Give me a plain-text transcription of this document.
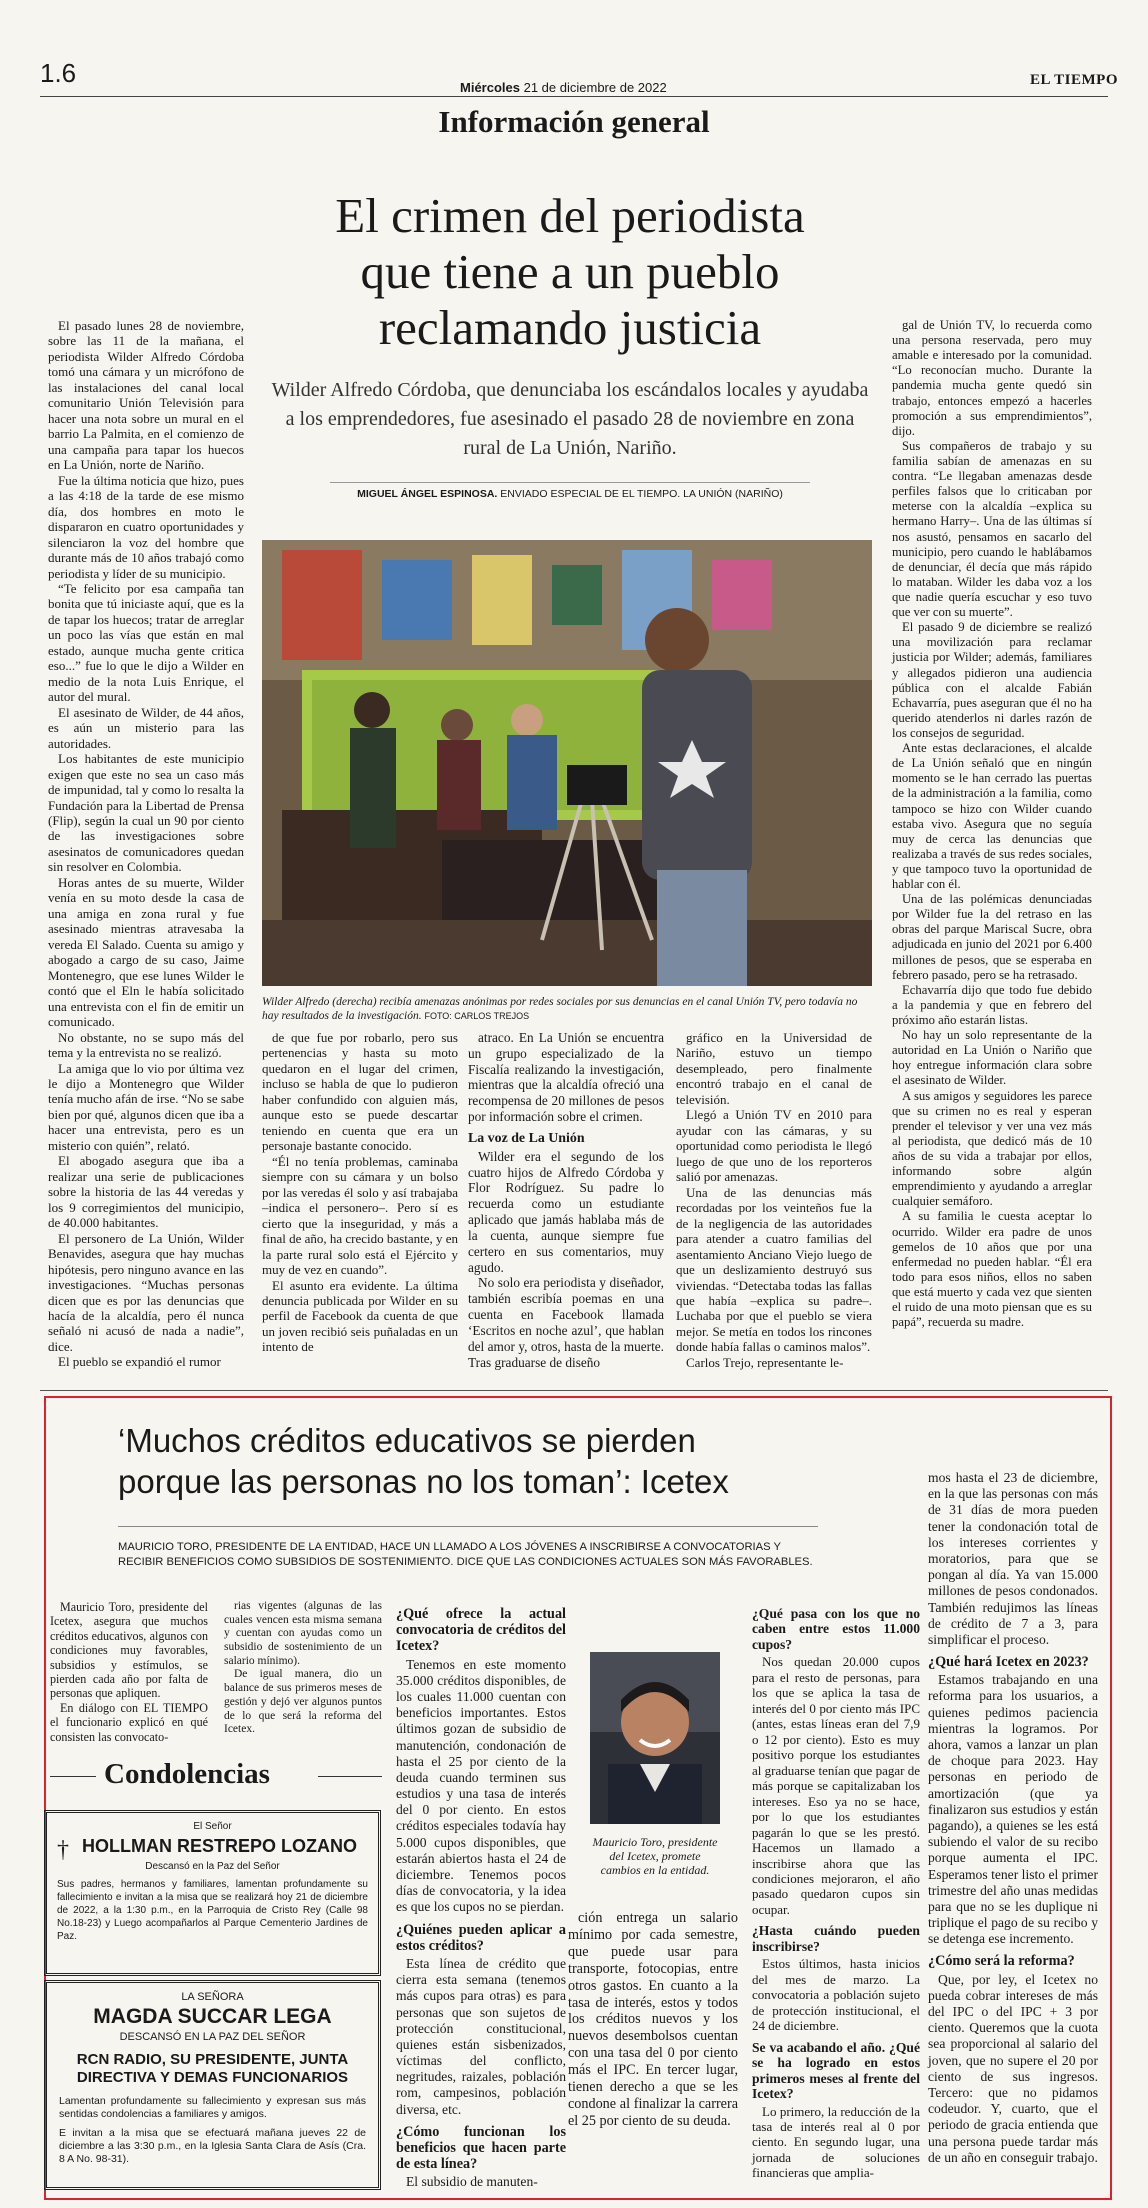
1.6	Miércoles 21 de diciembre de 2022	EL TIEMPO
Información general
El crimen del periodista
que tiene a un pueblo
reclamando justicia
Wilder Alfredo Córdoba, que denunciaba los escándalos locales y ayudaba a los emprendedores, fue asesinado el pasado 28 de noviembre en zona rural de La Unión, Nariño.
MIGUEL ÁNGEL ESPINOSA. ENVIADO ESPECIAL DE EL TIEMPO. LA UNIÓN (NARIÑO)
Wilder Alfredo (derecha) recibía amenazas anónimas por redes sociales por sus denuncias en el canal Unión TV, pero todavía no hay resultados de la investigación. FOTO: CARLOS TREJOS

El pasado lunes 28 de noviembre, sobre las 11 de la mañana, el periodista Wilder Alfredo Córdoba tomó una cámara y un micrófono de las instalaciones del canal local comunitario Unión Televisión para hacer una nota sobre un mural en el barrio La Palmita, en el comienzo de una campaña para tapar los huecos en La Unión, norte de Nariño.

Fue la última noticia que hizo, pues a las 4:18 de la tarde de ese mismo día, dos hombres en moto le dispararon en cuatro oportunidades y silenciaron la voz del hombre que durante más de 10 años trabajó como periodista y líder de su municipio.

“Te felicito por esa campaña tan bonita que tú iniciaste aquí, que es la de tapar los huecos; tratar de arreglar un poco las vías que están en mal estado, aunque mucha gente critica eso...” fue lo que le dijo a Wilder en medio de la nota Luis Enrique, el autor del mural.

El asesinato de Wilder, de 44 años, es aún un misterio para las autoridades.

Los habitantes de este municipio exigen que este no sea un caso más de impunidad, tal y como lo resalta la Fundación para la Libertad de Prensa (Flip), según la cual un 90 por ciento de las investigaciones sobre asesinatos de comunicadores quedan sin resolver en Colombia.

Horas antes de su muerte, Wilder venía en su moto desde la casa de una amiga en zona rural y fue asesinado mientras atravesaba la vereda El Salado. Cuenta su amigo y abogado a cargo de su caso, Jaime Montenegro, que ese lunes Wilder le contó que el Eln le había solicitado una entrevista con el fin de emitir un comunicado.

No obstante, no se supo más del tema y la entrevista no se realizó.

La amiga que lo vio por última vez le dijo a Montenegro que Wilder tenía mucho afán de irse. “No se sabe bien por qué, algunos dicen que iba a hacer una entrevista, pero es un misterio con quién”, relató.

El abogado asegura que iba a realizar una serie de publicaciones sobre la historia de las 44 veredas y los 9 corregimientos del municipio, de 40.000 habitantes.

El personero de La Unión, Wilder Benavides, asegura que hay muchas hipótesis, pero ninguno avance en las investigaciones. “Muchas personas dicen que es por las denuncias que hacía de la alcaldía, pero él nunca señaló ni acusó de nada a nadie”, dice.

El pueblo se expandió el rumor

de que fue por robarlo, pero sus pertenencias y hasta su moto quedaron en el lugar del crimen, incluso se habla de que lo pudieron haber confundido con alguien más, aunque esto se puede descartar teniendo en cuenta que era un personaje bastante conocido.

“Él no tenía problemas, caminaba siempre con su cámara y un bolso por las veredas él solo y así trabajaba –indica el personero–. Pero sí es cierto que la inseguridad, y más a final de año, ha crecido bastante, y en la parte rural solo está el Ejército y muy de vez en cuando”.

El asunto era evidente. La última denuncia publicada por Wilder en su perfil de Facebook da cuenta de que un joven recibió seis puñaladas en un intento de

atraco. En La Unión se encuentra un grupo especializado de la Fiscalía realizando la investigación, mientras que la alcaldía ofreció una recompensa de 20 millones de pesos por información sobre el crimen.

La voz de La Unión

Wilder era el segundo de los cuatro hijos de Alfredo Córdoba y Flor Rodríguez. Su padre lo recuerda como un estudiante aplicado que jamás hablaba más de la cuenta, aunque siempre fue certero en sus comentarios, muy agudo.

No solo era periodista y diseñador, también escribía poemas en una cuenta en Facebook llamada ‘Escritos en noche azul’, que hablan del amor y, otros, hasta de la muerte. Tras graduarse de diseño

gráfico en la Universidad de Nariño, estuvo un tiempo desempleado, pero finalmente encontró trabajo en el canal de televisión.

Llegó a Unión TV en 2010 para ayudar con las cámaras, y su oportunidad como periodista le llegó luego de que uno de los reporteros salió por amenazas.

Una de las denuncias más recordadas por los veinteños fue la de la negligencia de las autoridades para atender a cuatro familias del asentamiento Anciano Viejo luego de que un deslizamiento destruyó sus viviendas. “Detectaba todas las fallas que había –explica su padre–. Luchaba por que el pueblo se viera mejor. Se metía en todos los rincones donde había fallas o caminos malos”.

Carlos Trejo, representante le-

gal de Unión TV, lo recuerda como una persona reservada, pero muy amable e interesado por la comunidad. “Lo reconocían mucho. Durante la pandemia mucha gente quedó sin trabajo, entonces empezó a hacerles promoción a sus emprendimientos”, dijo.

Sus compañeros de trabajo y su familia sabían de amenazas en su contra. “Le llegaban amenazas desde perfiles falsos que lo criticaban por meterse con la alcaldía –explica su hermano Harry–. Una de las últimas sí nos asustó, pensamos en sacarlo del municipio, pero cuando le hablábamos de denunciar, él decía que más rápido lo mataban. Wilder les daba voz a los que nadie quería escuchar y eso tuvo que ver con su muerte”.

El pasado 9 de diciembre se realizó una movilización para reclamar justicia por Wilder; además, familiares y allegados pidieron una audiencia pública con el alcalde Fabián Echavarría, pues aseguran que él no ha querido atenderlos ni darles razón de los consejos de seguridad.

Ante estas declaraciones, el alcalde de La Unión señaló que en ningún momento se le han cerrado las puertas de la administración a la familia, como tampoco se hizo con Wilder cuando estaba vivo. Asegura que no seguía muy de cerca las denuncias que realizaba a través de sus redes sociales, y que tampoco tuvo la oportunidad de hablar con él.

Una de las polémicas denunciadas por Wilder fue la del retraso en las obras del parque Mariscal Sucre, obra adjudicada en junio del 2021 por 6.400 millones de pesos, que se esperaba en febrero pasado, pero se ha retrasado.

Echavarría dijo que todo fue debido a la pandemia y que en febrero del próximo año estarán listas.

No hay un solo representante de la autoridad en La Unión o Nariño que hoy entregue información clara sobre el asesinato de Wilder.

A sus amigos y seguidores les parece que su crimen no es real y esperan prender el televisor y ver una vez más al periodista, que dedicó más de 10 años de su vida a trabajar por ellos, informando sobre algún emprendimiento y ayudando a arreglar cualquier semáforo.

A su familia le cuesta aceptar lo ocurrido. Wilder era padre de unos gemelos de 10 años que por una enfermedad no pueden hablar. “Él era todo para esos niños, ellos no saben que está muerto y cada vez que sienten el ruido de una moto piensan que es su papá”, recuerda su madre.

‘Muchos créditos educativos se pierden
porque las personas no los toman’: Icetex
MAURICIO TORO, PRESIDENTE DE LA ENTIDAD, HACE UN LLAMADO A LOS JÓVENES A INSCRIBIRSE A CONVOCATORIAS Y RECIBIR BENEFICIOS COMO SUBSIDIOS DE SOSTENIMIENTO. DICE QUE LAS CONDICIONES ACTUALES SON MÁS FAVORABLES.

Mauricio Toro, presidente del Icetex, asegura que muchos créditos educativos, algunos con condiciones muy favorables, subsidios y estímulos, se pierden cada año por falta de personas que apliquen.

En diálogo con EL TIEMPO el funcionario explicó en qué consisten las convocato-

rias vigentes (algunas de las cuales vencen esta misma semana y cuentan con ayudas como un subsidio de sostenimiento de un salario mínimo).

De igual manera, dio un balance de sus primeros meses de gestión y dejó ver algunos puntos de lo que será la reforma del Icetex.

¿Qué ofrece la actual convocatoria de créditos del Icetex?

Tenemos en este momento 35.000 créditos disponibles, de los cuales 11.000 cuentan con beneficios importantes. Estos últimos gozan de subsidio de manutención, condonación de hasta el 25 por ciento de la deuda cuando terminen sus estudios y una tasa de interés del 0 por ciento. En estos créditos especiales todavía hay 5.000 cupos disponibles, que estarán abiertos hasta el 24 de diciembre. Tenemos pocos días de convocatoria, y la idea es que los cupos no se pierdan.

¿Quiénes pueden aplicar a estos créditos?

Esta línea de crédito que cierra esta semana (tenemos más cupos para otras) es para personas que son sujetos de protección constitucional, quienes están sisbenizados, víctimas del conflicto, negritudes, raizales, población rom, campesinos, población diversa, etc.

¿Cómo funcionan los beneficios que hacen parte de esta línea?

El subsidio de manuten-

Mauricio Toro, presidente del Icetex, promete cambios en la entidad.

ción entrega un salario mínimo por cada semestre, que puede usar para transporte, fotocopias, entre otros gastos. En cuanto a la tasa de interés, estos y todos los créditos nuevos y los nuevos desembolsos cuentan con una tasa del 0 por ciento más el IPC. En tercer lugar, tienen derecho a que se les condone al finalizar la carrera el 25 por ciento de su deuda.

¿Qué pasa con los que no caben entre estos 11.000 cupos?

Nos quedan 20.000 cupos para el resto de personas, para los que se aplica la tasa de interés del 0 por ciento más IPC (antes, estas líneas eran del 7,9 o 12 por ciento). Esto es muy positivo porque los estudiantes al graduarse tenían que pagar de más porque se capitalizaban los intereses. Eso ya no se hace, por lo que los estudiantes pagarán lo que se les prestó. Hacemos un llamado a inscribirse ahora que las condiciones mejoraron, el año pasado quedaron cupos sin ocupar.

¿Hasta cuándo pueden inscribirse?

Estos últimos, hasta inicios del mes de marzo. La convocatoria a población sujeto de protección institucional, el 24 de diciembre.

Se va acabando el año. ¿Qué se ha logrado en estos primeros meses al frente del Icetex?

Lo primero, la reducción de la tasa de interés real al 0 por ciento. En segundo lugar, una jornada de soluciones financieras que amplia-

mos hasta el 23 de diciembre, en la que las personas con más de 31 días de mora pueden tener la condonación total de los intereses corrientes y moratorios, para que se pongan al día. Ya van 15.000 millones de pesos condonados. También redujimos las líneas de crédito de 7 a 3, para simplificar el proceso.

¿Qué hará Icetex en 2023?

Estamos trabajando en una reforma para los usuarios, a quienes pedimos paciencia mientras la logramos. Por ahora, vamos a lanzar un plan de choque para 2023. Hay personas en periodo de amortización (que ya finalizaron sus estudios y están pagando), a quienes se les está subiendo el valor de su recibo porque aumenta el IPC. Esperamos tener listo el primer trimestre del año unas medidas para que no se les duplique ni triplique el pago de su recibo y se detenga ese incremento.

¿Cómo será la reforma?

Que, por ley, el Icetex no pueda cobrar intereses de más del IPC o del IPC + 3 por ciento. Queremos que la cuota sea proporcional al salario del joven, que no supere el 20 por ciento de sus ingresos. Tercero: que no pidamos codeudor. Y, cuarto, que el periodo de gracia entienda que una persona puede tardar más de un año en conseguir trabajo.

Condolencias
El Señor
† HOLLMAN RESTREPO LOZANO
Descansó en la Paz del Señor
Sus padres, hermanos y familiares, lamentan profundamente su fallecimiento e invitan a la misa que se realizará hoy 21 de diciembre de 2022, a la 1:30 p.m., en la Parroquia de Cristo Rey (Calle 98 No.18-23) y Luego acompañarlos al Parque Cementerio Jardines de Paz.
LA SEÑORA
MAGDA SUCCAR LEGA
DESCANSÓ EN LA PAZ DEL SEÑOR
RCN RADIO, SU PRESIDENTE, JUNTA
DIRECTIVA Y DEMAS FUNCIONARIOS
Lamentan profundamente su fallecimiento y expresan sus más sentidas condolencias a familiares y amigos.
E invitan a la misa que se efectuará mañana jueves 22 de diciembre a las 3:30 p.m., en la Iglesia Santa Clara de Asís (Cra. 8 A No. 98-31).
